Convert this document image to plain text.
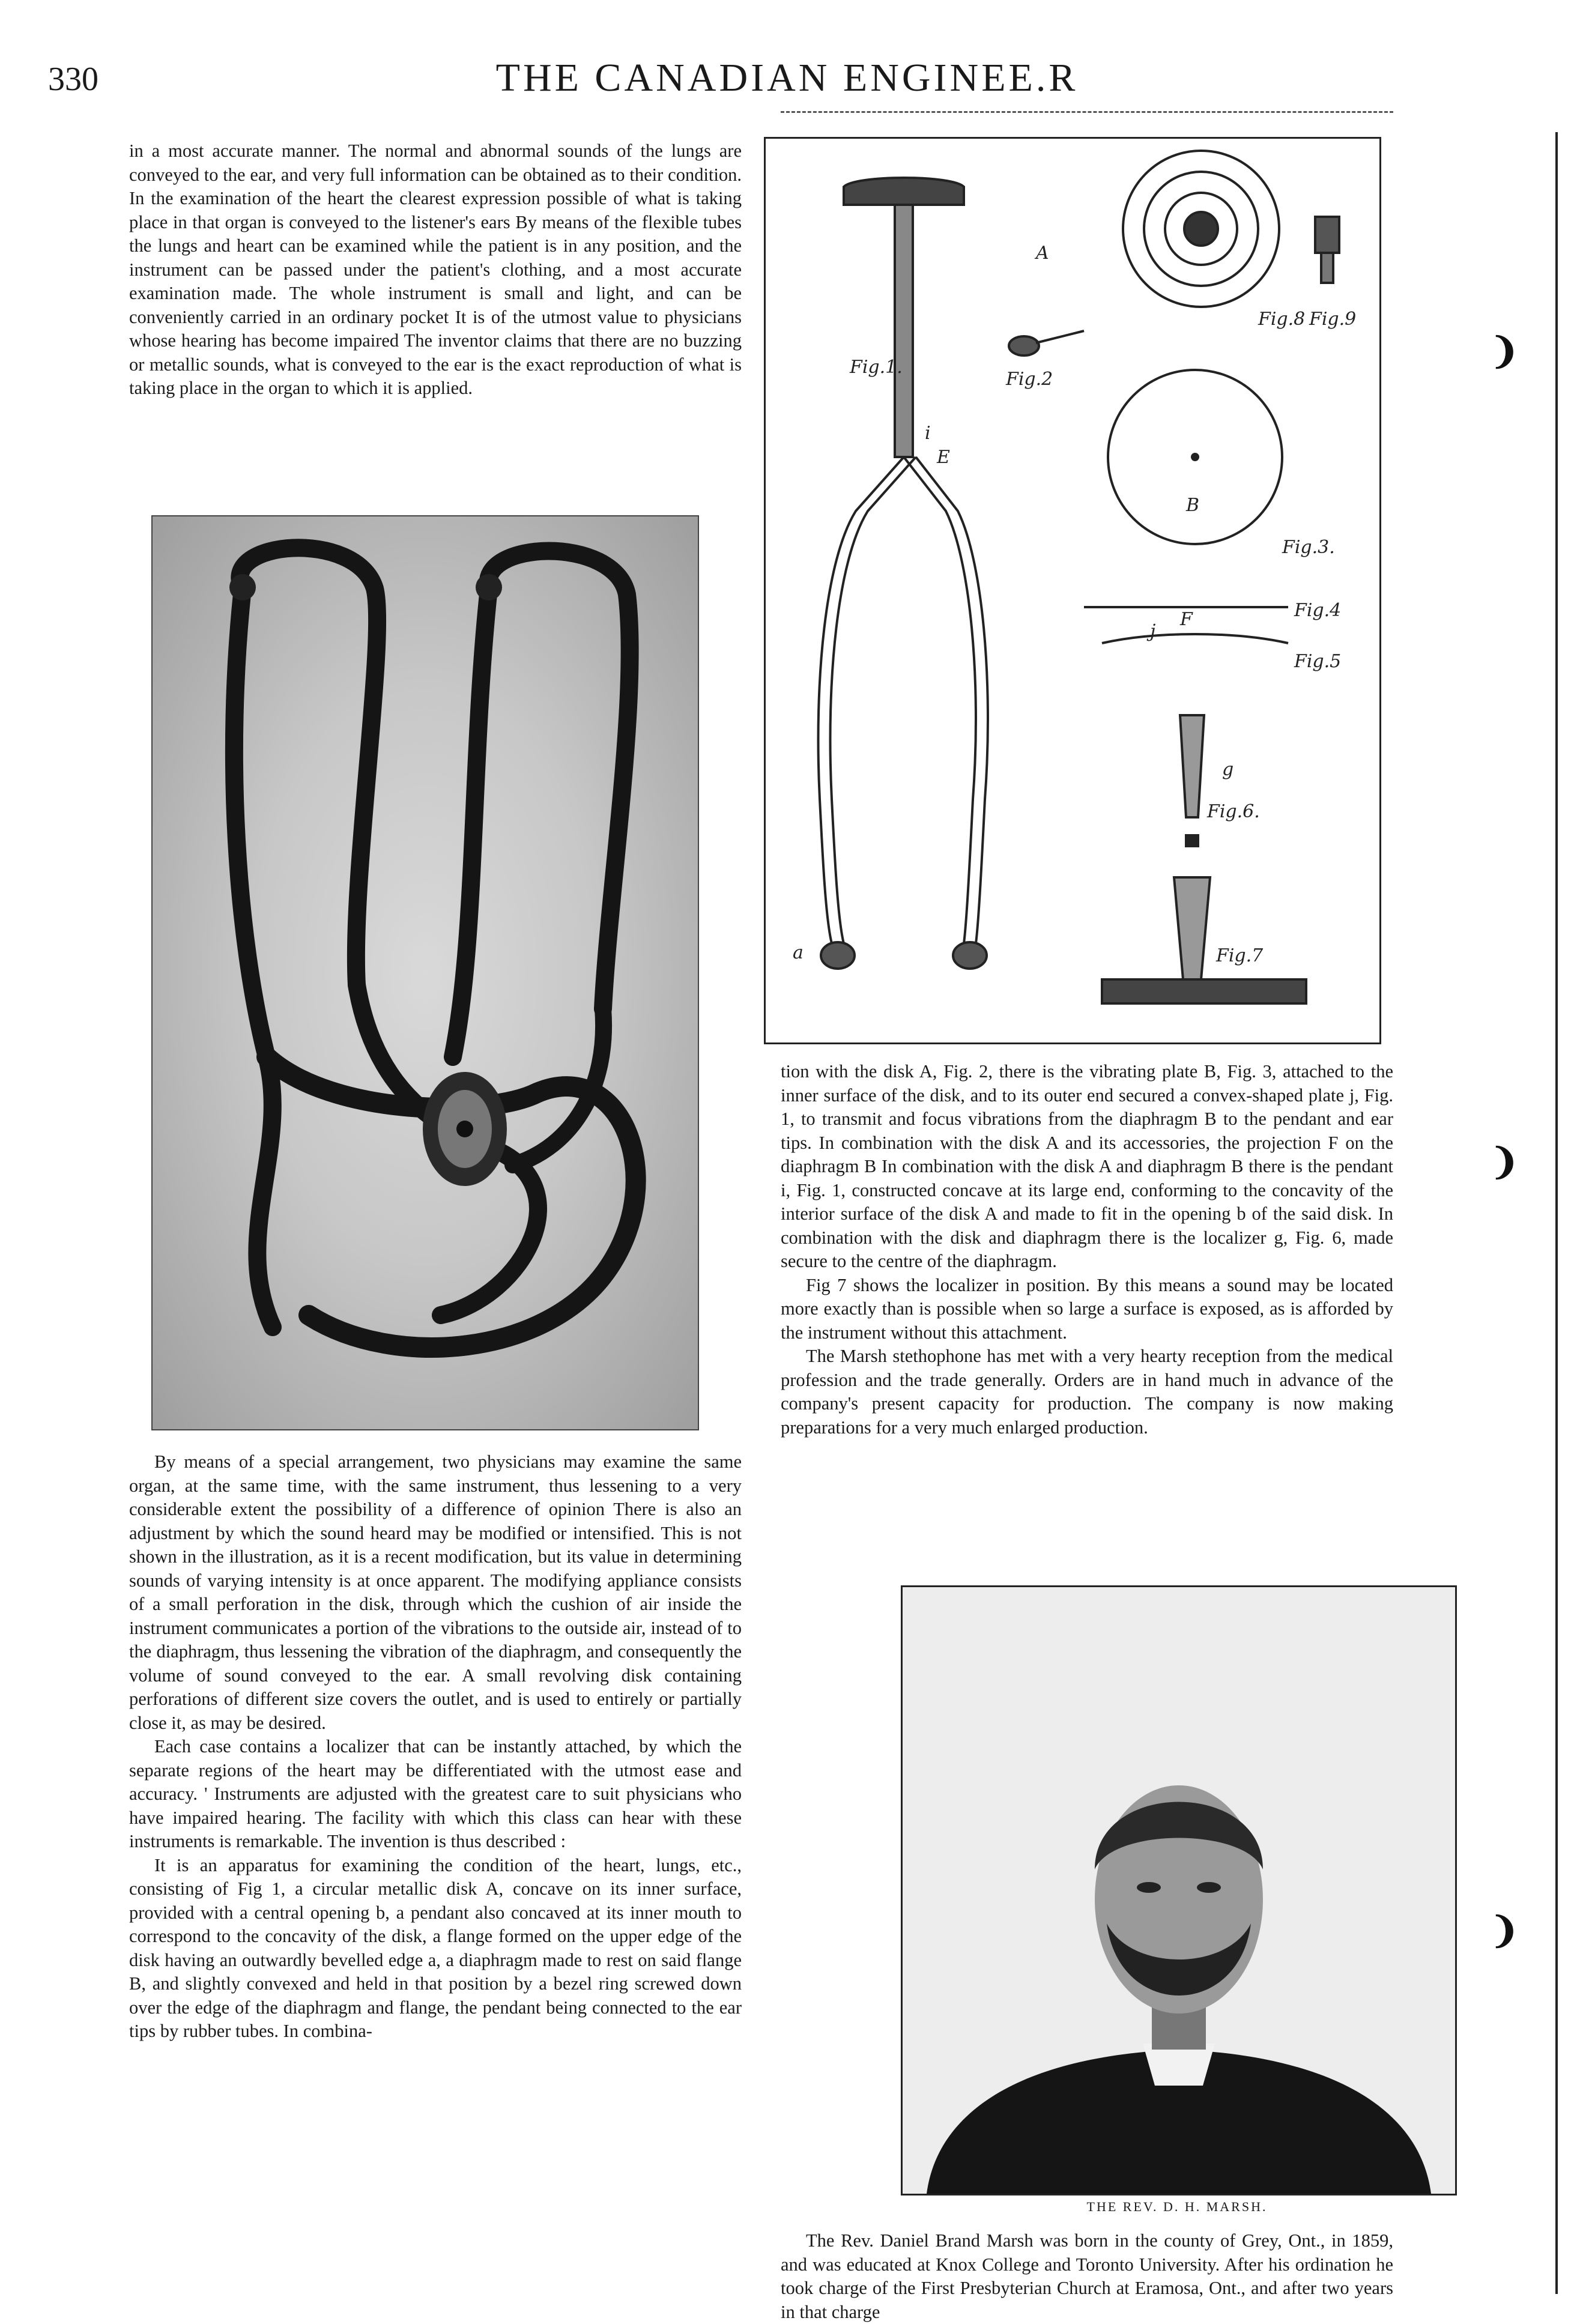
330	THE CANADIAN ENGINEE.R

in a most accurate manner. The normal and abnormal sounds of the lungs are conveyed to the ear, and very full information can be obtained as to their condition. In the examination of the heart the clearest expression possible of what is taking place in that organ is conveyed to the listener's ears By means of the flexible tubes the lungs and heart can be examined while the patient is in any position, and the instrument can be passed under the patient's clothing, and a most accurate examination made. The whole instrument is small and light, and can be conveniently carried in an ordinary pocket It is of the utmost value to physicians whose hearing has become impaired The inventor claims that there are no buzzing or metallic sounds, what is conveyed to the ear is the exact reproduction of what is taking place in the organ to which it is applied.

By means of a special arrangement, two physicians may examine the same organ, at the same time, with the same instrument, thus lessening to a very considerable extent the possibility of a difference of opinion There is also an adjustment by which the sound heard may be modified or intensified. This is not shown in the illustration, as it is a recent modification, but its value in determining sounds of varying intensity is at once apparent. The modifying appliance consists of a small perforation in the disk, through which the cushion of air inside the instrument communicates a portion of the vibrations to the outside air, instead of to the diaphragm, thus lessening the vibration of the diaphragm, and consequently the volume of sound conveyed to the ear. A small revolving disk containing perforations of different size covers the outlet, and is used to entirely or partially close it, as may be desired.

Each case contains a localizer that can be instantly attached, by which the separate regions of the heart may be differentiated with the utmost ease and accuracy. ' Instruments are adjusted with the greatest care to suit physicians who have impaired hearing. The facility with which this class can hear with these instruments is remarkable. The invention is thus described :

It is an apparatus for examining the condition of the heart, lungs, etc., consisting of Fig 1, a circular metallic disk A, concave on its inner surface, provided with a central opening b, a pendant also concaved at its inner mouth to correspond to the concavity of the disk, a flange formed on the upper edge of the disk having an outwardly bevelled edge a, a diaphragm made to rest on said flange B, and slightly convexed and held in that position by a bezel ring screwed down over the edge of the diaphragm and flange, the pendant being connected to the ear tips by rubber tubes. In combina-

Fig.1.
Fig.2
Fig.3.
Fig.4
Fig.5
Fig.6.
Fig.7
Fig.8 Fig.9
A
B
E
F
g
j
a
i

tion with the disk A, Fig. 2, there is the vibrating plate B, Fig. 3, attached to the inner surface of the disk, and to its outer end secured a convex-shaped plate j, Fig. 1, to transmit and focus vibrations from the diaphragm B to the pendant and ear tips. In combination with the disk A and its accessories, the projection F on the diaphragm B In combination with the disk A and diaphragm B there is the pendant i, Fig. 1, constructed concave at its large end, conforming to the concavity of the interior surface of the disk A and made to fit in the opening b of the said disk. In combination with the disk and diaphragm there is the localizer g, Fig. 6, made secure to the centre of the diaphragm.

Fig 7 shows the localizer in position. By this means a sound may be located more exactly than is possible when so large a surface is exposed, as is afforded by the instrument without this attachment.

The Marsh stethophone has met with a very hearty reception from the medical profession and the trade generally. Orders are in hand much in advance of the company's present capacity for production. The company is now making preparations for a very much enlarged production.

THE REV. D. H. MARSH.

The Rev. Daniel Brand Marsh was born in the county of Grey, Ont., in 1859, and was educated at Knox College and Toronto University. After his ordination he took charge of the First Presbyterian Church at Eramosa, Ont., and after two years in that charge

❩
❩
❩
